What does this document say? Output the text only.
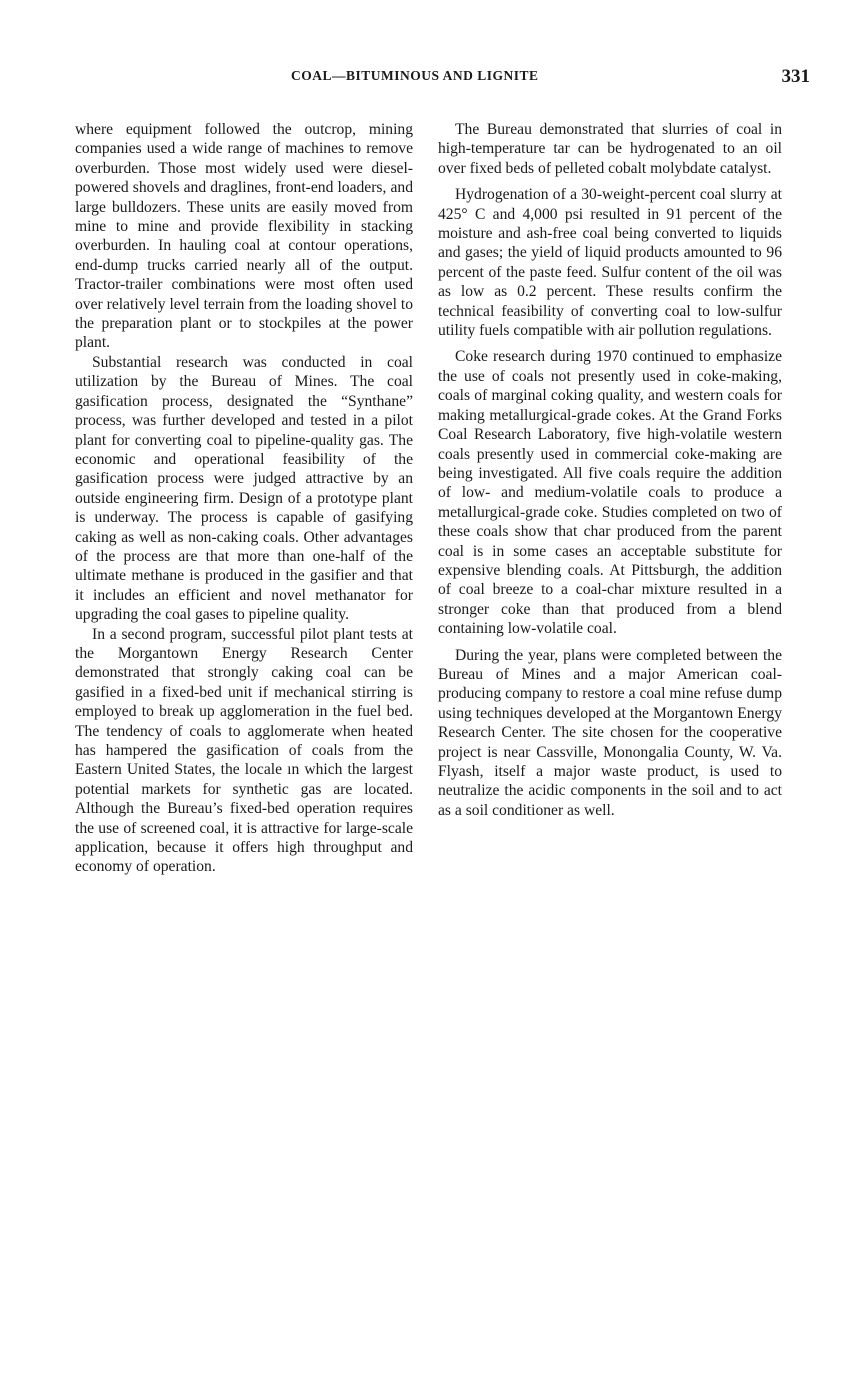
COAL—BITUMINOUS AND LIGNITE	331

where equipment followed the outcrop, mining companies used a wide range of machines to remove overburden. Those most widely used were diesel-powered shovels and draglines, front-end loaders, and large bulldozers. These units are easily moved from mine to mine and provide flexibility in stacking overburden. In hauling coal at contour operations, end-dump trucks carried nearly all of the output. Tractor-trailer combinations were most often used over relatively level terrain from the loading shovel to the preparation plant or to stockpiles at the power plant.

Substantial research was conducted in coal utilization by the Bureau of Mines. The coal gasification process, designated the “Synthane” process, was further developed and tested in a pilot plant for converting coal to pipeline-quality gas. The economic and operational feasibility of the gasification process were judged attractive by an outside engineering firm. Design of a prototype plant is underway. The process is capable of gasifying caking as well as non-caking coals. Other advantages of the process are that more than one-half of the ultimate methane is produced in the gasifier and that it includes an efficient and novel methanator for upgrading the coal gases to pipeline quality.

In a second program, successful pilot plant tests at the Morgantown Energy Research Center demonstrated that strongly caking coal can be gasified in a fixed-bed unit if mechanical stirring is employed to break up agglomeration in the fuel bed. The tendency of coals to agglomerate when heated has hampered the gasification of coals from the Eastern United States, the locale ın which the largest potential markets for synthetic gas are located. Although the Bureau’s fixed-bed operation requires the use of screened coal, it is attractive for large-scale application, because it offers high throughput and economy of operation.

The Bureau demonstrated that slurries of coal in high-temperature tar can be hydrogenated to an oil over fixed beds of pelleted cobalt molybdate catalyst.

Hydrogenation of a 30-weight-percent coal slurry at 425° C and 4,000 psi resulted in 91 percent of the moisture and ash-free coal being converted to liquids and gases; the yield of liquid products amounted to 96 percent of the paste feed. Sulfur content of the oil was as low as 0.2 percent. These results confirm the technical feasibility of converting coal to low-sulfur utility fuels compatible with air pollution regulations.

Coke research during 1970 continued to emphasize the use of coals not presently used in coke-making, coals of marginal coking quality, and western coals for making metallurgical-grade cokes. At the Grand Forks Coal Research Laboratory, five high-volatile western coals presently used in commercial coke-making are being investigated. All five coals require the addition of low- and medium-volatile coals to produce a metallurgical-grade coke. Studies completed on two of these coals show that char produced from the parent coal is in some cases an acceptable substitute for expensive blending coals. At Pittsburgh, the addition of coal breeze to a coal-char mixture resulted in a stronger coke than that produced from a blend containing low-volatile coal.

During the year, plans were completed between the Bureau of Mines and a major American coal-producing company to restore a coal mine refuse dump using techniques developed at the Morgantown Energy Research Center. The site chosen for the cooperative project is near Cassville, Monongalia County, W. Va. Flyash, itself a major waste product, is used to neutralize the acidic components in the soil and to act as a soil conditioner as well.
